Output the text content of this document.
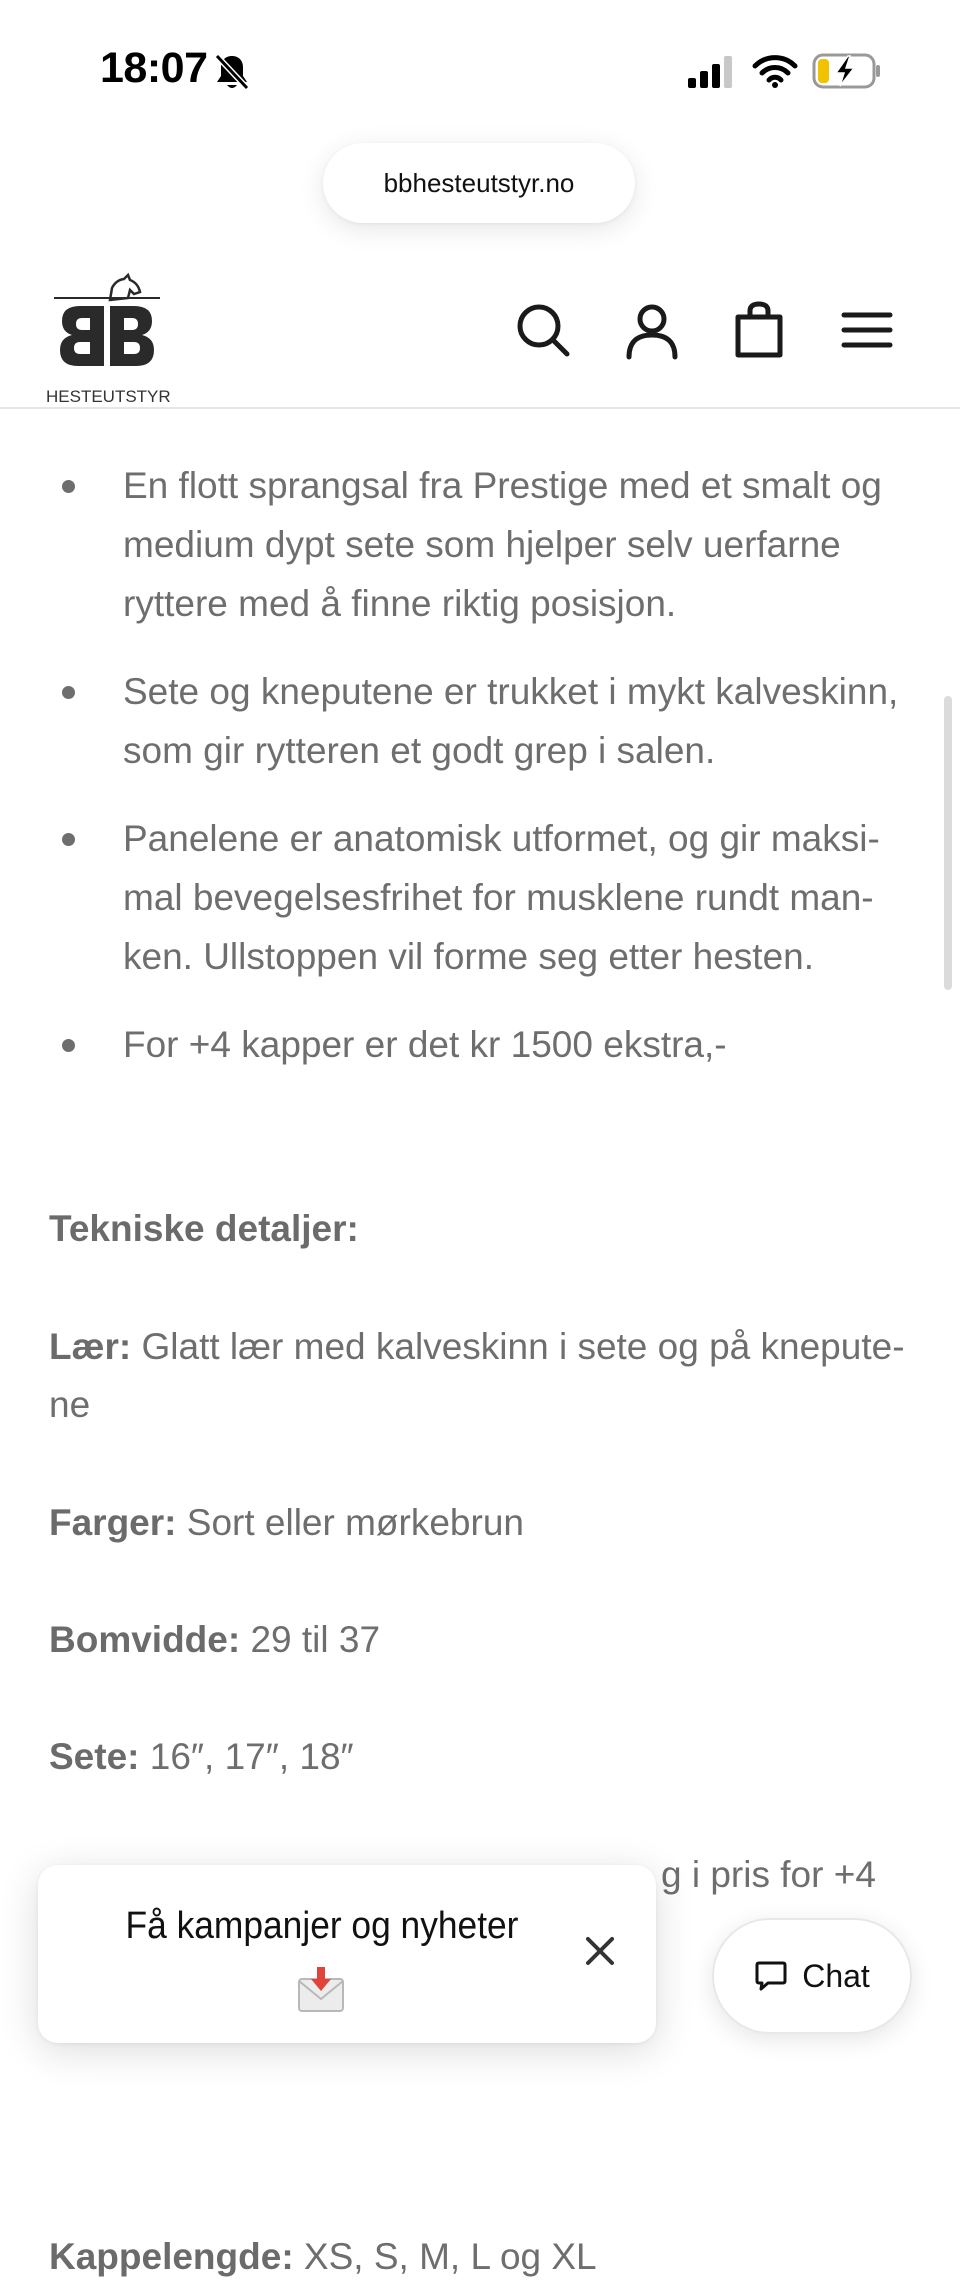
18:07
bbhesteutstyr.no
HESTEUTSTYR
En flott sprangsal fra Prestige med et smalt og medium dypt sete som hjelper selv uerfarne ryttere med å finne riktig posisjon.
Sete og kneputene er trukket i mykt kalveskinn, som gir rytteren et godt grep i salen.
Panelene er anatomisk utformet, og gir maksi-mal bevegelsesfrihet for musklene rundt man-ken. Ullstoppen vil forme seg etter hesten.
For +4 kapper er det kr 1500 ekstra,-
Tekniske detaljer:
Lær: Glatt lær med kalveskinn i sete og på knepute-ne
Farger: Sort eller mørkebrun
Bomvidde: 29 til 37
Sete: 16″, 17″, 18″
g i pris for +4
Kappelengde: XS, S, M, L og XL
Få kampanjer og nyheter
Chat
